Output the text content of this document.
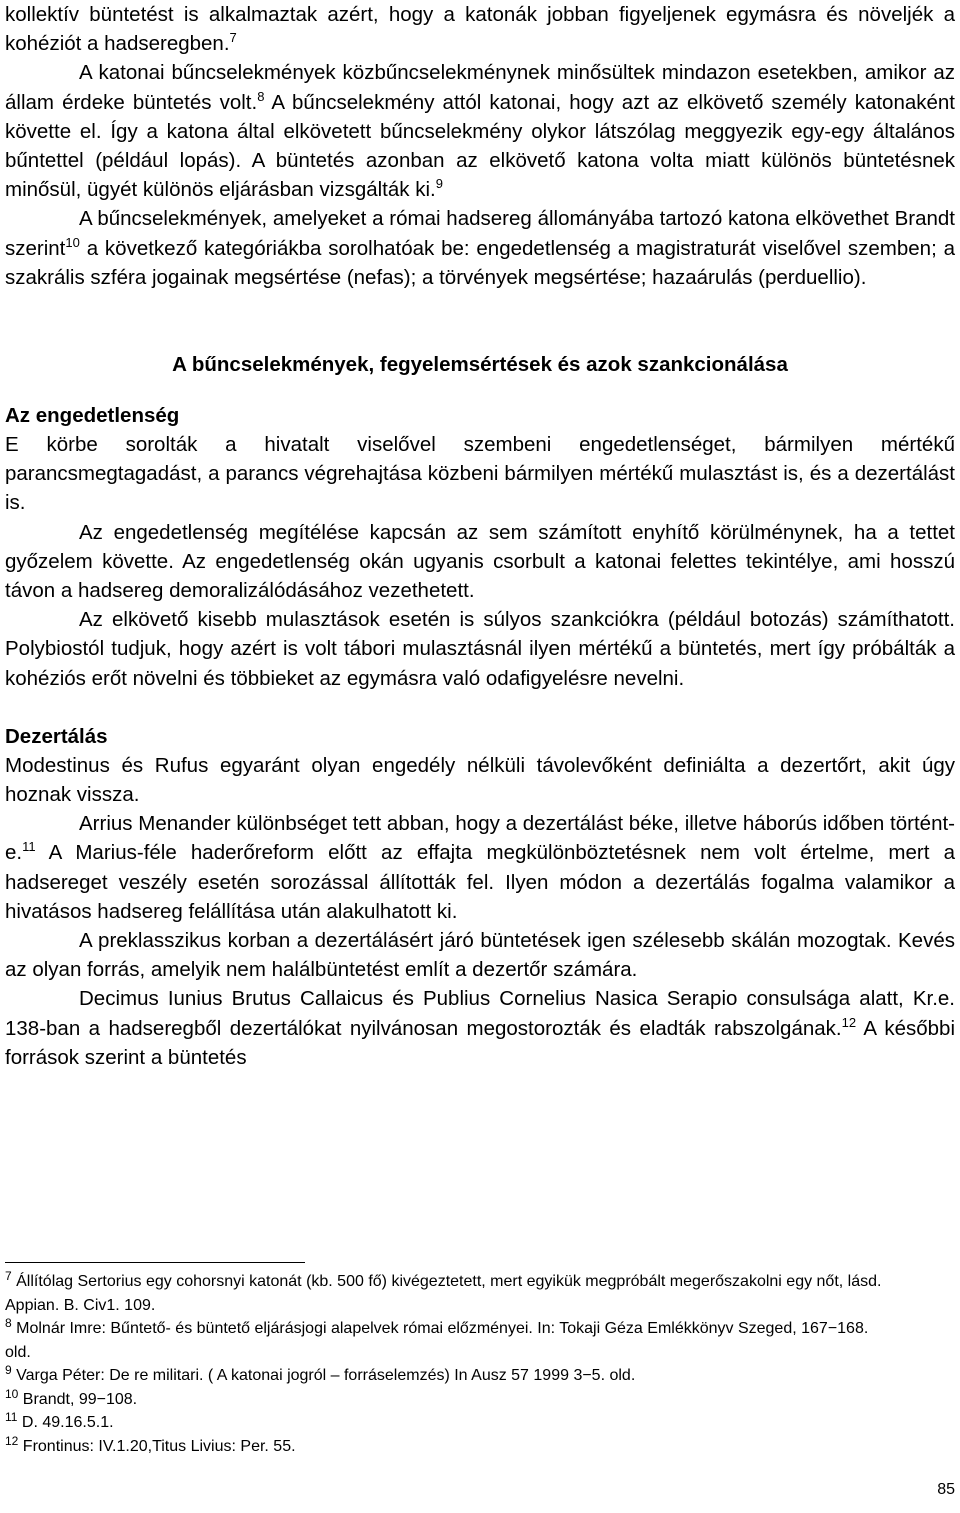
kollektív büntetést is alkalmaztak azért, hogy a katonák jobban figyeljenek egymásra és növeljék a kohéziót a hadseregben.$^7$

A katonai bűncselekmények közbűncselekménynek minősültek mindazon esetekben, amikor az állam érdeke büntetés volt.$^8$ A bűncselekmény attól katonai, hogy azt az elkövető személy katonaként követte el. Így a katona által elkövetett bűncselekmény olykor látszólag meggyezik egy-egy általános bűntettel (például lopás). A büntetés azonban az elkövető katona volta miatt különös büntetésnek minősül, ügyét különös eljárásban vizsgálták ki.$^9$

A bűncselekmények, amelyeket a római hadsereg állományába tartozó katona elkövethet Brandt szerint$^{10}$ a következő kategóriákba sorolhatóak be: engedetlenség a magistraturát viselővel szemben; a szakrális szféra jogainak megsértése (nefas); a törvények megsértése; hazaárulás (perduellio).

A bűncselekmények, fegyelemsértések és azok szankcionálása

Az engedetlenség

E körbe sorolták a hivatalt viselővel szembeni engedetlenséget, bármilyen mértékű parancsmegtagadást, a parancs végrehajtása közbeni bármilyen mértékű mulasztást is, és a dezertálást is.

Az engedetlenség megítélése kapcsán az sem számított enyhítő körülménynek, ha a tettet győzelem követte. Az engedetlenség okán ugyanis csorbult a katonai felettes tekintélye, ami hosszú távon a hadsereg demoralizálódásához vezethetett.

Az elkövető kisebb mulasztások esetén is súlyos szankciókra (például botozás) számíthatott. Polybiostól tudjuk, hogy azért is volt tábori mulasztásnál ilyen mértékű a büntetés, mert így próbálták a kohéziós erőt növelni és többieket az egymásra való odafigyelésre nevelni.

Dezertálás

Modestinus és Rufus egyaránt olyan engedély nélküli távolevőként definiálta a dezertőrt, akit úgy hoznak vissza.

Arrius Menander különbséget tett abban, hogy a dezertálást béke, illetve háborús időben történt-e.$^{11}$ A Marius-féle haderőreform előtt az effajta megkülönböztetésnek nem volt értelme, mert a hadsereget veszély esetén sorozással állították fel. Ilyen módon a dezertálás fogalma valamikor a hivatásos hadsereg felállítása után alakulhatott ki.

A preklasszikus korban a dezertálásért járó büntetések igen szélesebb skálán mozogtak. Kevés az olyan forrás, amelyik nem halálbüntetést említ a dezertőr számára.

Decimus Iunius Brutus Callaicus és Publius Cornelius Nasica Serapio consulsága alatt, Kr.e. 138-ban a hadseregből dezertálókat nyilvánosan megostorozták és eladták rabszolgának.$^{12}$ A későbbi források szerint a büntetés

$^7$ Állítólag Sertorius egy cohorsnyi katonát (kb. 500 fő) kivégeztetett, mert egyikük megpróbált megerőszakolni egy nőt, lásd. Appian. B. Civ1. 109.

$^8$ Molnár Imre: Bűntető- és büntető eljárásjogi alapelvek római előzményei. In: Tokaji Géza Emlékkönyv Szeged, 167−168. old.

$^9$ Varga Péter: De re militari. ( A katonai jogról – forráselemzés) In Ausz 57 1999 3−5. old.

$^{10}$ Brandt, 99−108.

$^{11}$ D. 49.16.5.1.

$^{12}$ Frontinus: IV.1.20,Titus Livius: Per. 55.

85
